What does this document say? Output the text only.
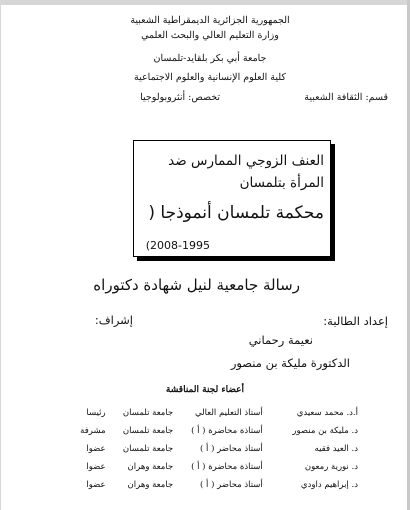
الجمهورية الجزائرية الديمقراطية الشعبية
وزارة التعليم العالي والبحث العلمي
جامعة أبي بكر بلقايد-تلمسان
كلية العلوم الإنسانية والعلوم الاجتماعية
قسم: الثقافة الشعبية
تخصص: أنثروبولوجيا
العنف الزوجي الممارس ضد
المرأة بتلمسان
محكمة تلمسان أنموذجا (
2008-1995)
رسالة جامعية لنيل شهادة دكتوراه
إعداد الطالبة:
إشراف:
نعيمة رحماني
الدكتورة مليكة بن منصور
أعضاء لجنة المناقشة
أ.د. محمد سعيدي	أستاذ التعليم العالي	جامعة تلمسان	رئيسا
د. مليكة بن منصور	أستاذة محاضرة ( أ )	جامعة تلمسان	مشرفة
د. العيد فقيه	أستاذ محاضر ( أ )	جامعة تلمسان	عضوا
د. نورية رمعون	أستاذة محاضرة ( أ )	جامعة وهران	عضوا
د. إبراهيم داودي	أستاذ محاضر ( أ )	جامعة وهران	عضوا
